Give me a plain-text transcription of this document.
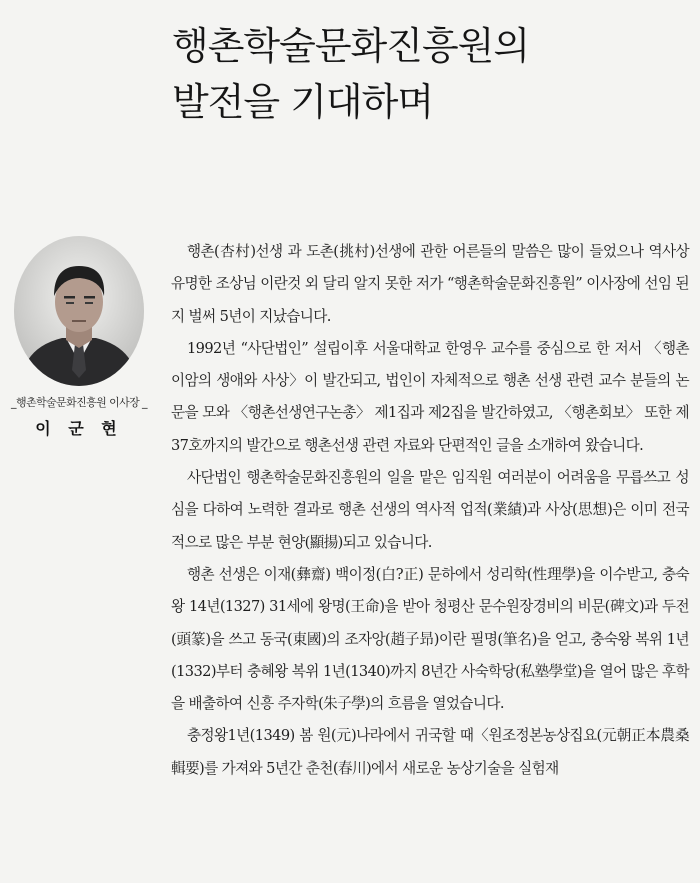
행촌학술문화진흥원의
발전을 기대하며
_행촌학술문화진흥원 이사장 _
이 군 현

행촌(杏村)선생 과 도촌(挑村)선생에 관한 어른들의 말씀은 많이 들었으나 역사상 유명한 조상님 이란것 외 달리 알지 못한 저가 “행촌학술문화진흥원” 이사장에 선임 된지 벌써 5년이 지났습니다.

1992년 “사단법인” 설립이후 서울대학교 한영우 교수를 중심으로 한 저서 〈행촌 이암의 생애와 사상〉이 발간되고, 법인이 자체적으로 행촌 선생 관련 교수 분들의 논문을 모와 〈행촌선생연구논총〉 제1집과 제2집을 발간하였고, 〈행촌회보〉 또한 제37호까지의 발간으로 행촌선생 관련 자료와 단편적인 글을 소개하여 왔습니다.

사단법인 행촌학술문화진흥원의 일을 맡은 임직원 여러분이 어려움을 무릅쓰고 성심을 다하여 노력한 결과로 행촌 선생의 역사적 업적(業績)과 사상(思想)은 이미 전국적으로 많은 부분 현양(顯揚)되고 있습니다.

행촌 선생은 이재(彝齋) 백이정(白?正) 문하에서 성리학(性理學)을 이수받고, 충숙왕 14년(1327) 31세에 왕명(王命)을 받아 청평산 문수원장경비의 비문(碑文)과 두전(頭篆)을 쓰고 동국(東國)의 조자앙(趙子昻)이란 필명(筆名)을 얻고, 충숙왕 복위 1년(1332)부터 충혜왕 복위 1년(1340)까지 8년간 사숙학당(私塾學堂)을 열어 많은 후학을 배출하여 신흥 주자학(朱子學)의 흐름을 열었습니다.

충정왕1년(1349) 봄 원(元)나라에서 귀국할 때〈원조정본농상집요(元朝正本農桑輯要)를 가져와 5년간 춘천(春川)에서 새로운 농상기술을 실험재
